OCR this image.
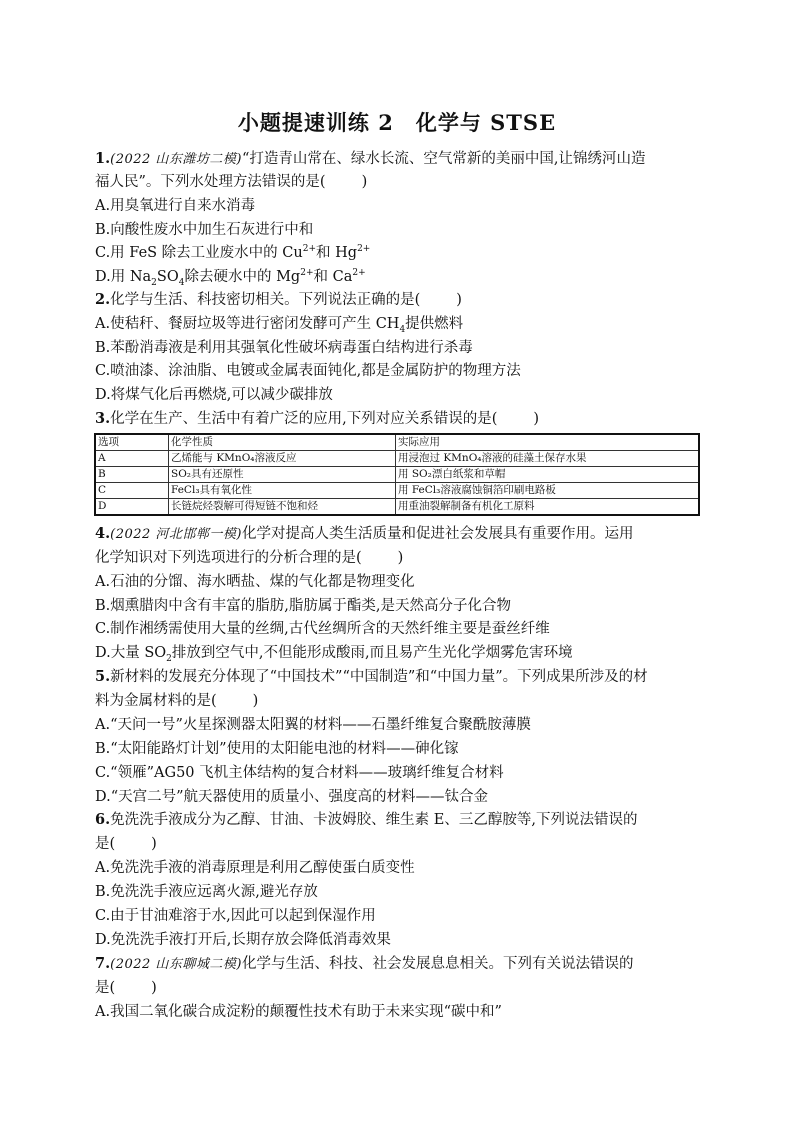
小题提速训练 2 化学与 STSE
1.(2022 山东潍坊二模)“打造青山常在、绿水长流、空气常新的美丽中国,让锦绣河山造
福人民”。下列水处理方法错误的是( )
A.用臭氧进行自来水消毒
B.向酸性废水中加生石灰进行中和
C.用 FeS 除去工业废水中的 $Cu^{2+}$和 $Hg^{2+}$
D.用 $Na_2SO_4$除去硬水中的 $Mg^{2+}$和 $Ca^{2+}$
2.化学与生活、科技密切相关。下列说法正确的是( )
A.使秸秆、餐厨垃圾等进行密闭发酵可产生 $CH_4$提供燃料
B.苯酚消毒液是利用其强氧化性破坏病毒蛋白结构进行杀毒
C.喷油漆、涂油脂、电镀或金属表面钝化,都是金属防护的物理方法
D.将煤气化后再燃烧,可以减少碳排放
3.化学在生产、生活中有着广泛的应用,下列对应关系错误的是( )
选项	化学性质	实际应用
A	乙烯能与 KMnO₄溶液反应	用浸泡过 KMnO₄溶液的硅藻土保存水果
B	SO₂具有还原性	用 SO₂漂白纸浆和草帽
C	FeCl₃具有氧化性	用 FeCl₃溶液腐蚀铜箔印刷电路板
D	长链烷烃裂解可得短链不饱和烃	用重油裂解制备有机化工原料
4.(2022 河北邯郸一模)化学对提高人类生活质量和促进社会发展具有重要作用。运用
化学知识对下列选项进行的分析合理的是( )
A.石油的分馏、海水晒盐、煤的气化都是物理变化
B.烟熏腊肉中含有丰富的脂肪,脂肪属于酯类,是天然高分子化合物
C.制作湘绣需使用大量的丝绸,古代丝绸所含的天然纤维主要是蚕丝纤维
D.大量 $SO_2$排放到空气中,不但能形成酸雨,而且易产生光化学烟雾危害环境
5.新材料的发展充分体现了“中国技术”“中国制造”和“中国力量”。下列成果所涉及的材
料为金属材料的是( )
A.“天问一号”火星探测器太阳翼的材料——石墨纤维复合聚酰胺薄膜
B.“太阳能路灯计划”使用的太阳能电池的材料——砷化镓
C.“领雁”AG50 飞机主体结构的复合材料——玻璃纤维复合材料
D.“天宫二号”航天器使用的质量小、强度高的材料——钛合金
6.免洗洗手液成分为乙醇、甘油、卡波姆胶、维生素 E、三乙醇胺等,下列说法错误的
是( )
A.免洗洗手液的消毒原理是利用乙醇使蛋白质变性
B.免洗洗手液应远离火源,避光存放
C.由于甘油难溶于水,因此可以起到保湿作用
D.免洗洗手液打开后,长期存放会降低消毒效果
7.(2022 山东聊城二模)化学与生活、科技、社会发展息息相关。下列有关说法错误的
是( )
A.我国二氧化碳合成淀粉的颠覆性技术有助于未来实现“碳中和”
